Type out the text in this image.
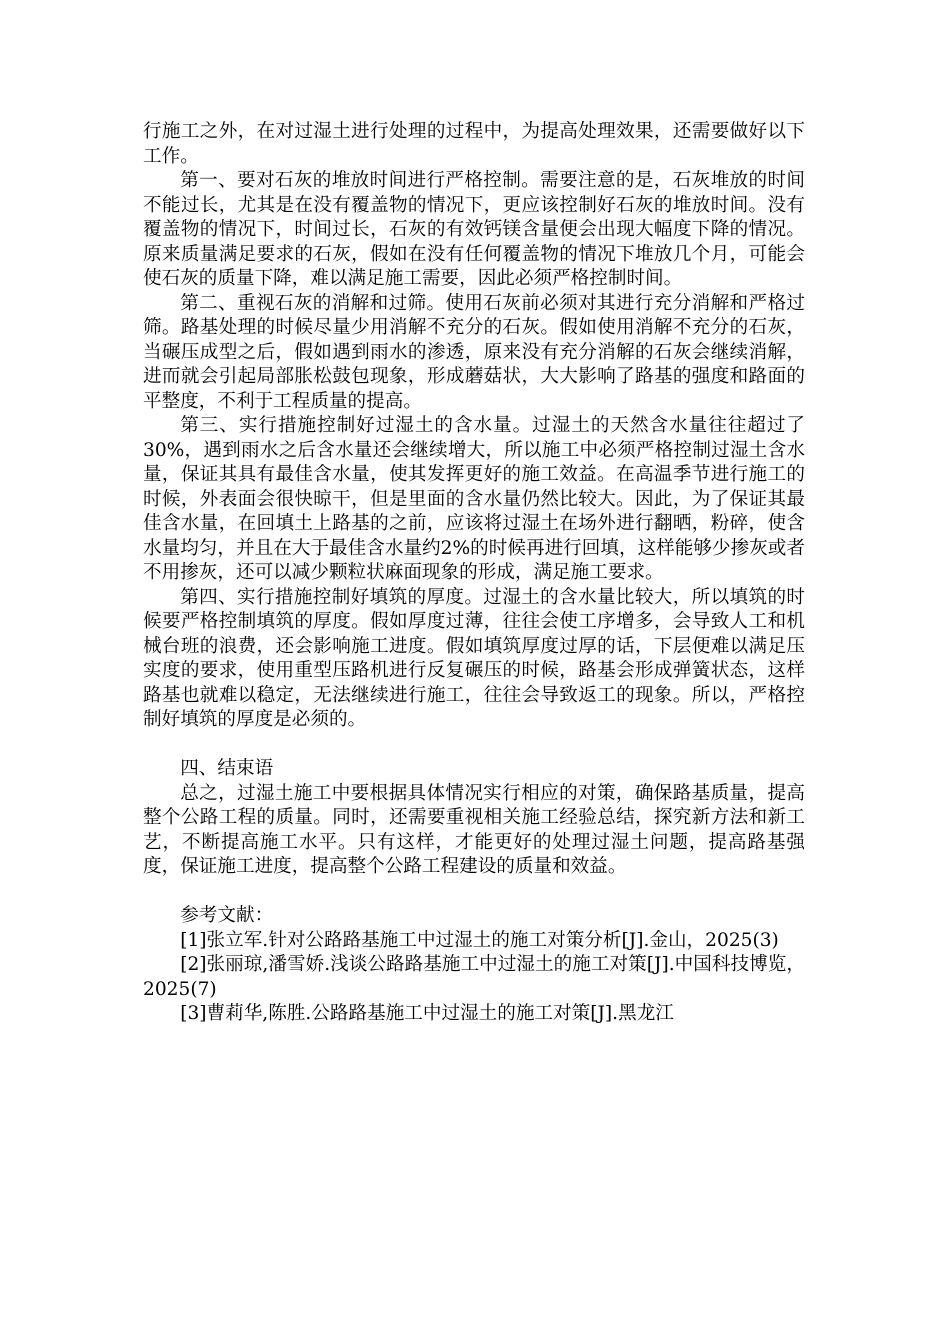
行施工之外，在对过湿土进行处理的过程中，为提高处理效果，还需要做好以下工作。

第一、要对石灰的堆放时间进行严格控制。需要注意的是，石灰堆放的时间不能过长，尤其是在没有覆盖物的情况下，更应该控制好石灰的堆放时间。没有覆盖物的情况下，时间过长，石灰的有效钙镁含量便会出现大幅度下降的情况。原来质量满足要求的石灰，假如在没有任何覆盖物的情况下堆放几个月，可能会使石灰的质量下降，难以满足施工需要，因此必须严格控制时间。

第二、重视石灰的消解和过筛。使用石灰前必须对其进行充分消解和严格过筛。路基处理的时候尽量少用消解不充分的石灰。假如使用消解不充分的石灰，当碾压成型之后，假如遇到雨水的渗透，原来没有充分消解的石灰会继续消解，进而就会引起局部胀松鼓包现象，形成蘑菇状，大大影响了路基的强度和路面的平整度，不利于工程质量的提高。

第三、实行措施控制好过湿土的含水量。过湿土的天然含水量往往超过了30%，遇到雨水之后含水量还会继续增大，所以施工中必须严格控制过湿土含水量，保证其具有最佳含水量，使其发挥更好的施工效益。在高温季节进行施工的时候，外表面会很快晾干，但是里面的含水量仍然比较大。因此，为了保证其最佳含水量，在回填土上路基的之前，应该将过湿土在场外进行翻晒，粉碎，使含水量均匀，并且在大于最佳含水量约2%的时候再进行回填，这样能够少掺灰或者不用掺灰，还可以减少颗粒状麻面现象的形成，满足施工要求。

第四、实行措施控制好填筑的厚度。过湿土的含水量比较大，所以填筑的时候要严格控制填筑的厚度。假如厚度过薄，往往会使工序增多，会导致人工和机械台班的浪费，还会影响施工进度。假如填筑厚度过厚的话，下层便难以满足压实度的要求，使用重型压路机进行反复碾压的时候，路基会形成弹簧状态，这样路基也就难以稳定，无法继续进行施工，往往会导致返工的现象。所以，严格控制好填筑的厚度是必须的。

四、结束语

总之，过湿土施工中要根据具体情况实行相应的对策，确保路基质量，提高整个公路工程的质量。同时，还需要重视相关施工经验总结，探究新方法和新工艺，不断提高施工水平。只有这样，才能更好的处理过湿土问题，提高路基强度，保证施工进度，提高整个公路工程建设的质量和效益。

参考文献：

[1]张立军.针对公路路基施工中过湿土的施工对策分析[J].金山，2025(3)

[2]张丽琼,潘雪娇.浅谈公路路基施工中过湿土的施工对策[J].中国科技博览，2025(7)

[3]曹莉华,陈胜.公路路基施工中过湿土的施工对策[J].黑龙江
